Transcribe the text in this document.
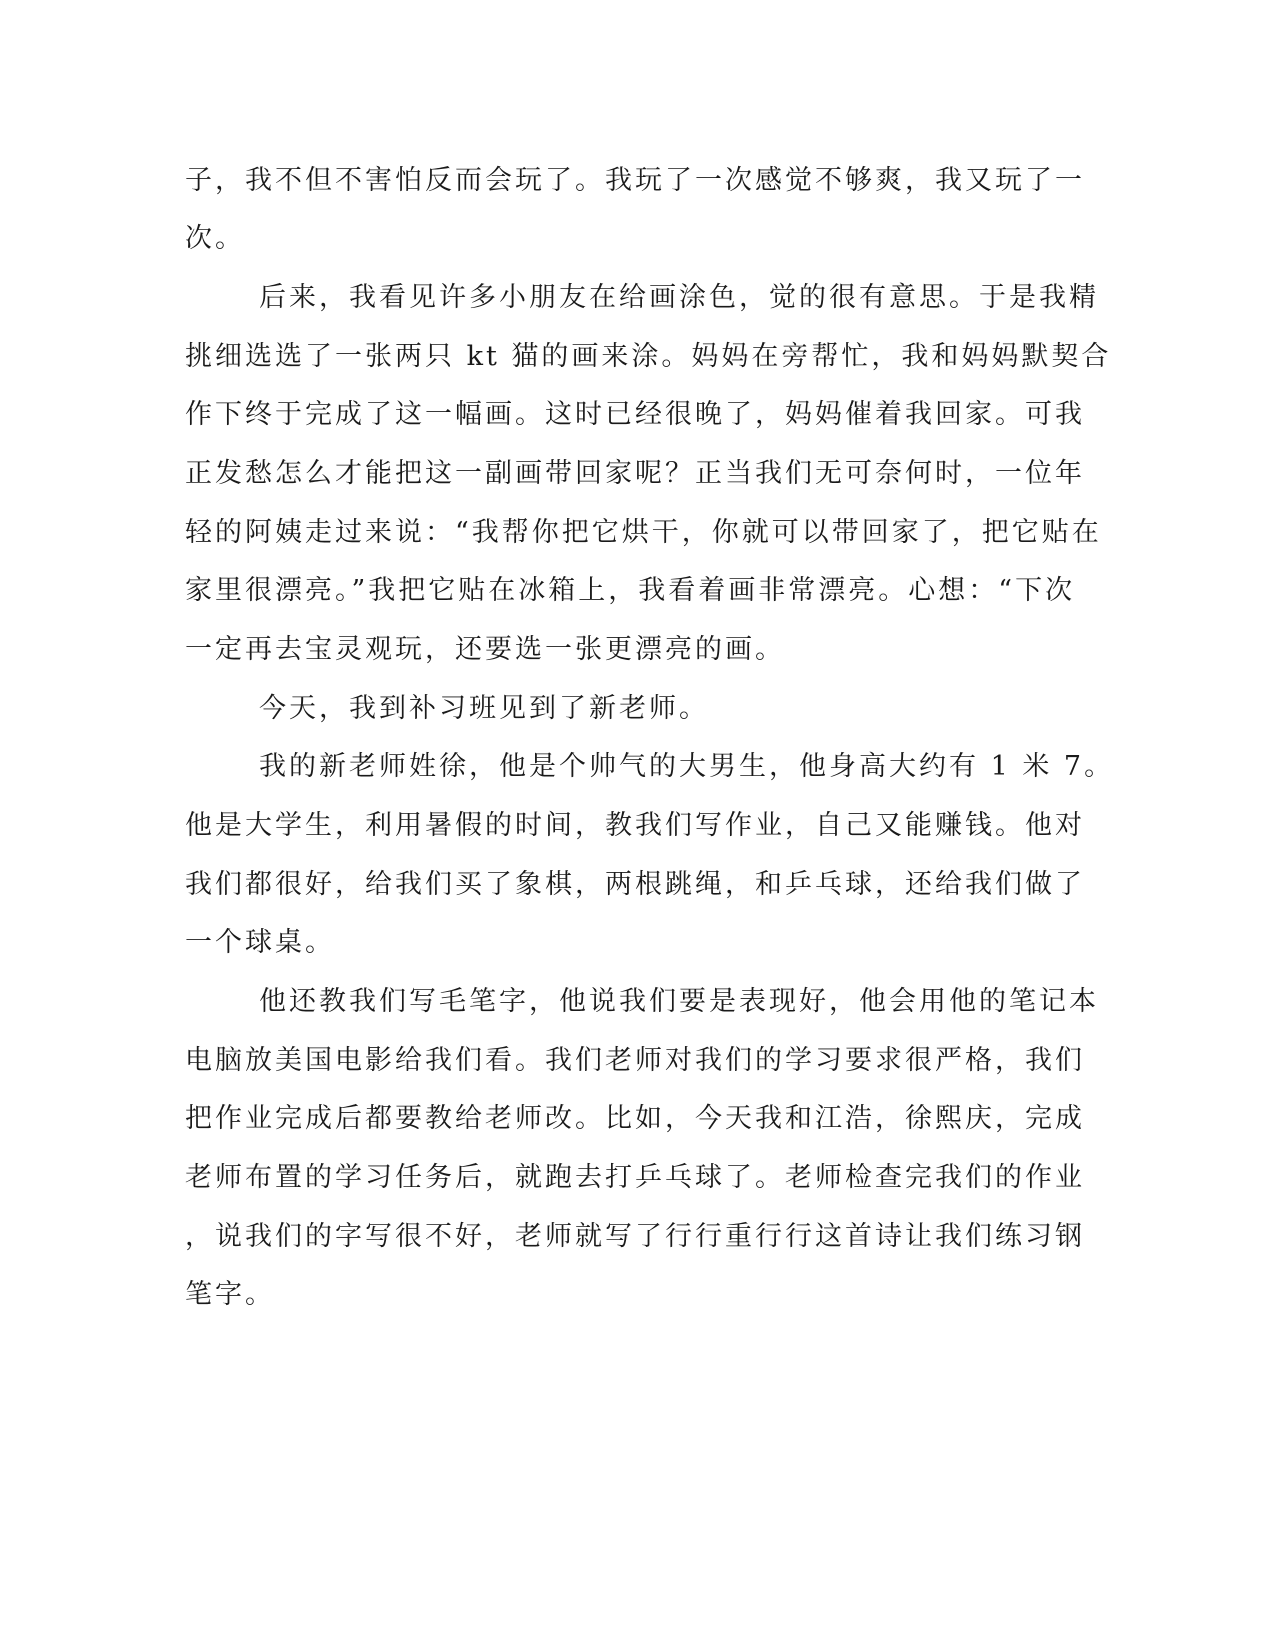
子，我不但不害怕反而会玩了。我玩了一次感觉不够爽，我又玩了一
次。
后来，我看见许多小朋友在给画涂色，觉的很有意思。于是我精
挑细选选了一张两只 kt 猫的画来涂。妈妈在旁帮忙，我和妈妈默契合
作下终于完成了这一幅画。这时已经很晚了，妈妈催着我回家。可我
正发愁怎么才能把这一副画带回家呢？正当我们无可奈何时，一位年
轻的阿姨走过来说：“我帮你把它烘干，你就可以带回家了，把它贴在
家里很漂亮。”我把它贴在冰箱上，我看着画非常漂亮。心想：“下次
一定再去宝灵观玩，还要选一张更漂亮的画。
今天，我到补习班见到了新老师。
我的新老师姓徐，他是个帅气的大男生，他身高大约有 1 米 7。
他是大学生，利用暑假的时间，教我们写作业，自己又能赚钱。他对
我们都很好，给我们买了象棋，两根跳绳，和乒乓球，还给我们做了
一个球桌。
他还教我们写毛笔字，他说我们要是表现好，他会用他的笔记本
电脑放美国电影给我们看。我们老师对我们的学习要求很严格，我们
把作业完成后都要教给老师改。比如，今天我和江浩，徐熙庆，完成
老师布置的学习任务后，就跑去打乒乓球了。老师检查完我们的作业
，说我们的字写很不好，老师就写了行行重行行这首诗让我们练习钢
笔字。
